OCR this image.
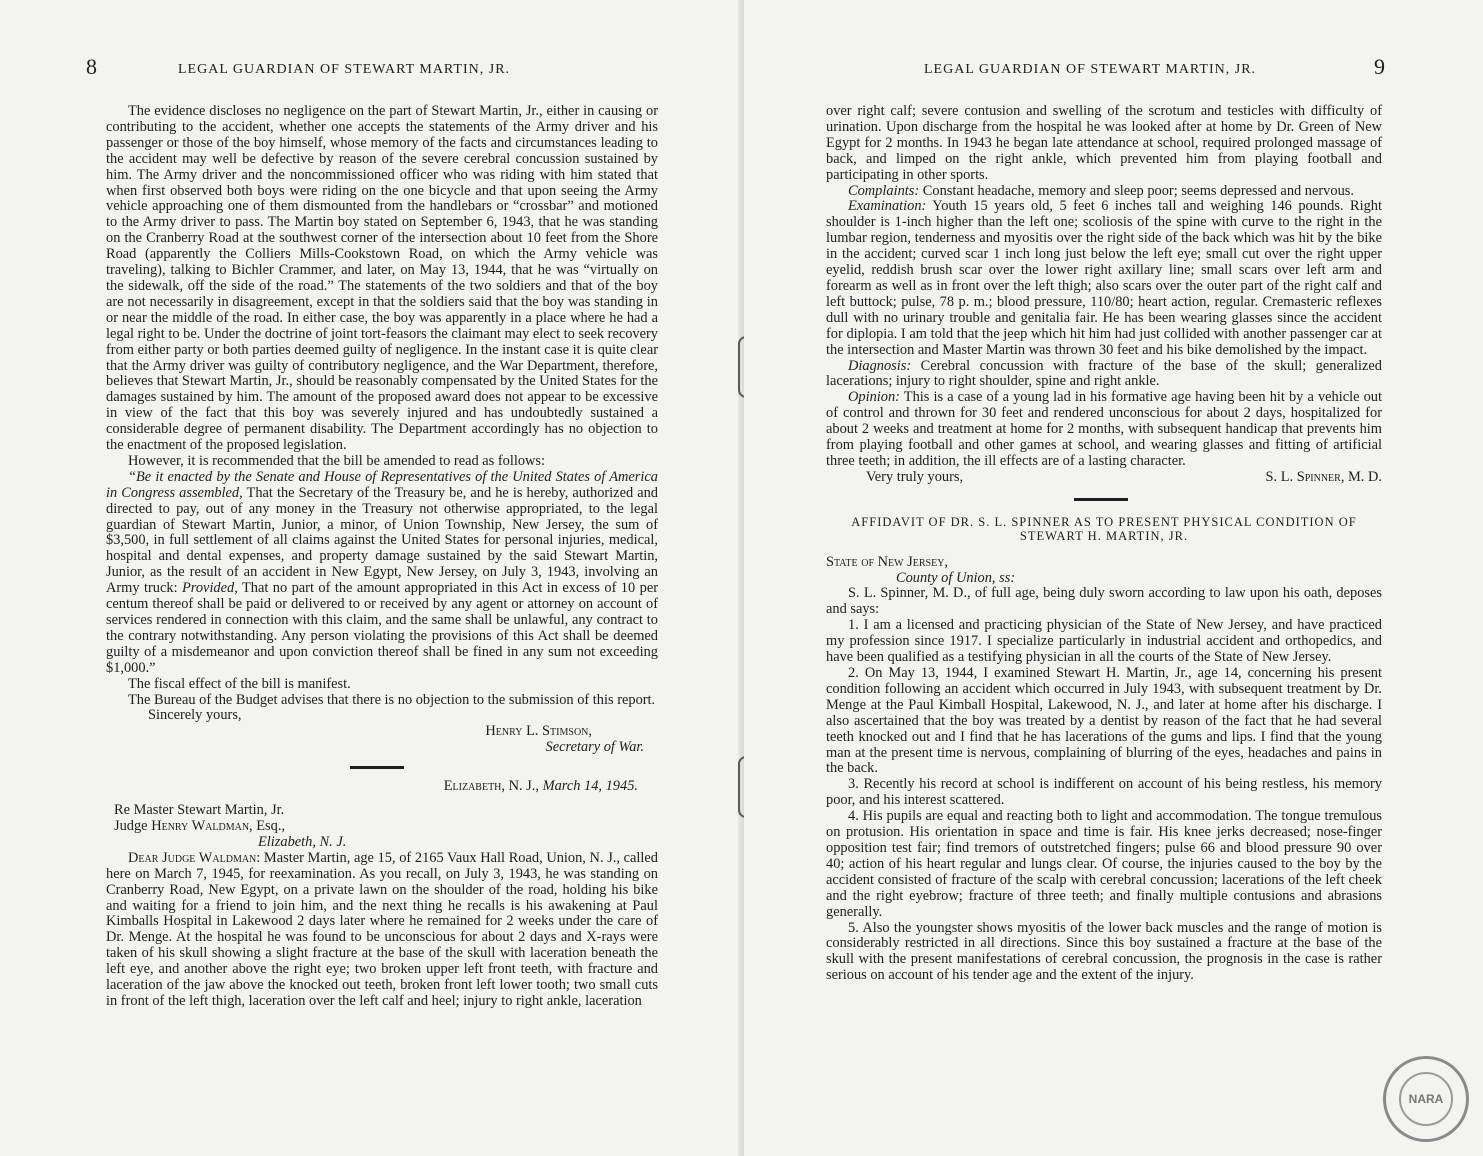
8	LEGAL GUARDIAN OF STEWART MARTIN, JR.

The evidence discloses no negligence on the part of Stewart Martin, Jr., either in causing or contributing to the accident, whether one accepts the statements of the Army driver and his passenger or those of the boy himself, whose memory of the facts and circumstances leading to the accident may well be defective by reason of the severe cerebral concussion sustained by him. The Army driver and the noncommissioned officer who was riding with him stated that when first observed both boys were riding on the one bicycle and that upon seeing the Army vehicle approaching one of them dismounted from the handlebars or “crossbar” and motioned to the Army driver to pass. The Martin boy stated on September 6, 1943, that he was standing on the Cranberry Road at the southwest corner of the intersection about 10 feet from the Shore Road (apparently the Colliers Mills-Cookstown Road, on which the Army vehicle was traveling), talking to Bichler Crammer, and later, on May 13, 1944, that he was “virtually on the sidewalk, off the side of the road.” The statements of the two soldiers and that of the boy are not necessarily in disagreement, except in that the soldiers said that the boy was standing in or near the middle of the road. In either case, the boy was apparently in a place where he had a legal right to be. Under the doctrine of joint tort-feasors the claimant may elect to seek recovery from either party or both parties deemed guilty of negligence. In the instant case it is quite clear that the Army driver was guilty of contributory negligence, and the War Department, therefore, believes that Stewart Martin, Jr., should be reasonably compensated by the United States for the damages sustained by him. The amount of the proposed award does not appear to be excessive in view of the fact that this boy was severely injured and has undoubtedly sustained a considerable degree of permanent disability. The Department accordingly has no objection to the enactment of the proposed legislation.

However, it is recommended that the bill be amended to read as follows:

“Be it enacted by the Senate and House of Representatives of the United States of America in Congress assembled, That the Secretary of the Treasury be, and he is hereby, authorized and directed to pay, out of any money in the Treasury not otherwise appropriated, to the legal guardian of Stewart Martin, Junior, a minor, of Union Township, New Jersey, the sum of $3,500, in full settlement of all claims against the United States for personal injuries, medical, hospital and dental expenses, and property damage sustained by the said Stewart Martin, Junior, as the result of an accident in New Egypt, New Jersey, on July 3, 1943, involving an Army truck: Provided, That no part of the amount appropriated in this Act in excess of 10 per centum thereof shall be paid or delivered to or received by any agent or attorney on account of services rendered in connection with this claim, and the same shall be unlawful, any contract to the contrary notwithstanding. Any person violating the provisions of this Act shall be deemed guilty of a misdemeanor and upon conviction thereof shall be fined in any sum not exceeding $1,000.”

The fiscal effect of the bill is manifest.

The Bureau of the Budget advises that there is no objection to the submission of this report.

Sincerely yours,

Henry L. Stimson,

Secretary of War.

Elizabeth, N. J., March 14, 1945.

Re Master Stewart Martin, Jr.

Judge Henry Waldman, Esq.,

Elizabeth, N. J.

Dear Judge Waldman: Master Martin, age 15, of 2165 Vaux Hall Road, Union, N. J., called here on March 7, 1945, for reexamination. As you recall, on July 3, 1943, he was standing on Cranberry Road, New Egypt, on a private lawn on the shoulder of the road, holding his bike and waiting for a friend to join him, and the next thing he recalls is his awakening at Paul Kimballs Hospital in Lakewood 2 days later where he remained for 2 weeks under the care of Dr. Menge. At the hospital he was found to be unconscious for about 2 days and X-rays were taken of his skull showing a slight fracture at the base of the skull with laceration beneath the left eye, and another above the right eye; two broken upper left front teeth, with fracture and laceration of the jaw above the knocked out teeth, broken front left lower tooth; two small cuts in front of the left thigh, laceration over the left calf and heel; injury to right ankle, laceration

LEGAL GUARDIAN OF STEWART MARTIN, JR.	9

over right calf; severe contusion and swelling of the scrotum and testicles with difficulty of urination. Upon discharge from the hospital he was looked after at home by Dr. Green of New Egypt for 2 months. In 1943 he began late attendance at school, required prolonged massage of back, and limped on the right ankle, which prevented him from playing football and participating in other sports.

Complaints: Constant headache, memory and sleep poor; seems depressed and nervous.

Examination: Youth 15 years old, 5 feet 6 inches tall and weighing 146 pounds. Right shoulder is 1-inch higher than the left one; scoliosis of the spine with curve to the right in the lumbar region, tenderness and myositis over the right side of the back which was hit by the bike in the accident; curved scar 1 inch long just below the left eye; small cut over the right upper eyelid, reddish brush scar over the lower right axillary line; small scars over left arm and forearm as well as in front over the left thigh; also scars over the outer part of the right calf and left buttock; pulse, 78 p. m.; blood pressure, 110/80; heart action, regular. Cremasteric reflexes dull with no urinary trouble and genitalia fair. He has been wearing glasses since the accident for diplopia. I am told that the jeep which hit him had just collided with another passenger car at the intersection and Master Martin was thrown 30 feet and his bike demolished by the impact.

Diagnosis: Cerebral concussion with fracture of the base of the skull; generalized lacerations; injury to right shoulder, spine and right ankle.

Opinion: This is a case of a young lad in his formative age having been hit by a vehicle out of control and thrown for 30 feet and rendered unconscious for about 2 days, hospitalized for about 2 weeks and treatment at home for 2 months, with subsequent handicap that prevents him from playing football and other games at school, and wearing glasses and fitting of artificial three teeth; in addition, the ill effects are of a lasting character.

Very truly yours,	S. L. Spinner, M. D.

AFFIDAVIT OF DR. S. L. SPINNER AS TO PRESENT PHYSICAL CONDITION OF STEWART H. MARTIN, JR.

State of New Jersey,

County of Union, ss:

S. L. Spinner, M. D., of full age, being duly sworn according to law upon his oath, deposes and says:

1. I am a licensed and practicing physician of the State of New Jersey, and have practiced my profession since 1917. I specialize particularly in industrial accident and orthopedics, and have been qualified as a testifying physician in all the courts of the State of New Jersey.

2. On May 13, 1944, I examined Stewart H. Martin, Jr., age 14, concerning his present condition following an accident which occurred in July 1943, with subsequent treatment by Dr. Menge at the Paul Kimball Hospital, Lakewood, N. J., and later at home after his discharge. I also ascertained that the boy was treated by a dentist by reason of the fact that he had several teeth knocked out and I find that he has lacerations of the gums and lips. I find that the young man at the present time is nervous, complaining of blurring of the eyes, headaches and pains in the back.

3. Recently his record at school is indifferent on account of his being restless, his memory poor, and his interest scattered.

4. His pupils are equal and reacting both to light and accommodation. The tongue tremulous on protusion. His orientation in space and time is fair. His knee jerks decreased; nose-finger opposition test fair; find tremors of outstretched fingers; pulse 66 and blood pressure 90 over 40; action of his heart regular and lungs clear. Of course, the injuries caused to the boy by the accident consisted of fracture of the scalp with cerebral concussion; lacerations of the left cheek and the right eyebrow; fracture of three teeth; and finally multiple contusions and abrasions generally.

5. Also the youngster shows myositis of the lower back muscles and the range of motion is considerably restricted in all directions. Since this boy sustained a fracture at the base of the skull with the present manifestations of cerebral concussion, the prognosis in the case is rather serious on account of his tender age and the extent of the injury.

NARA
